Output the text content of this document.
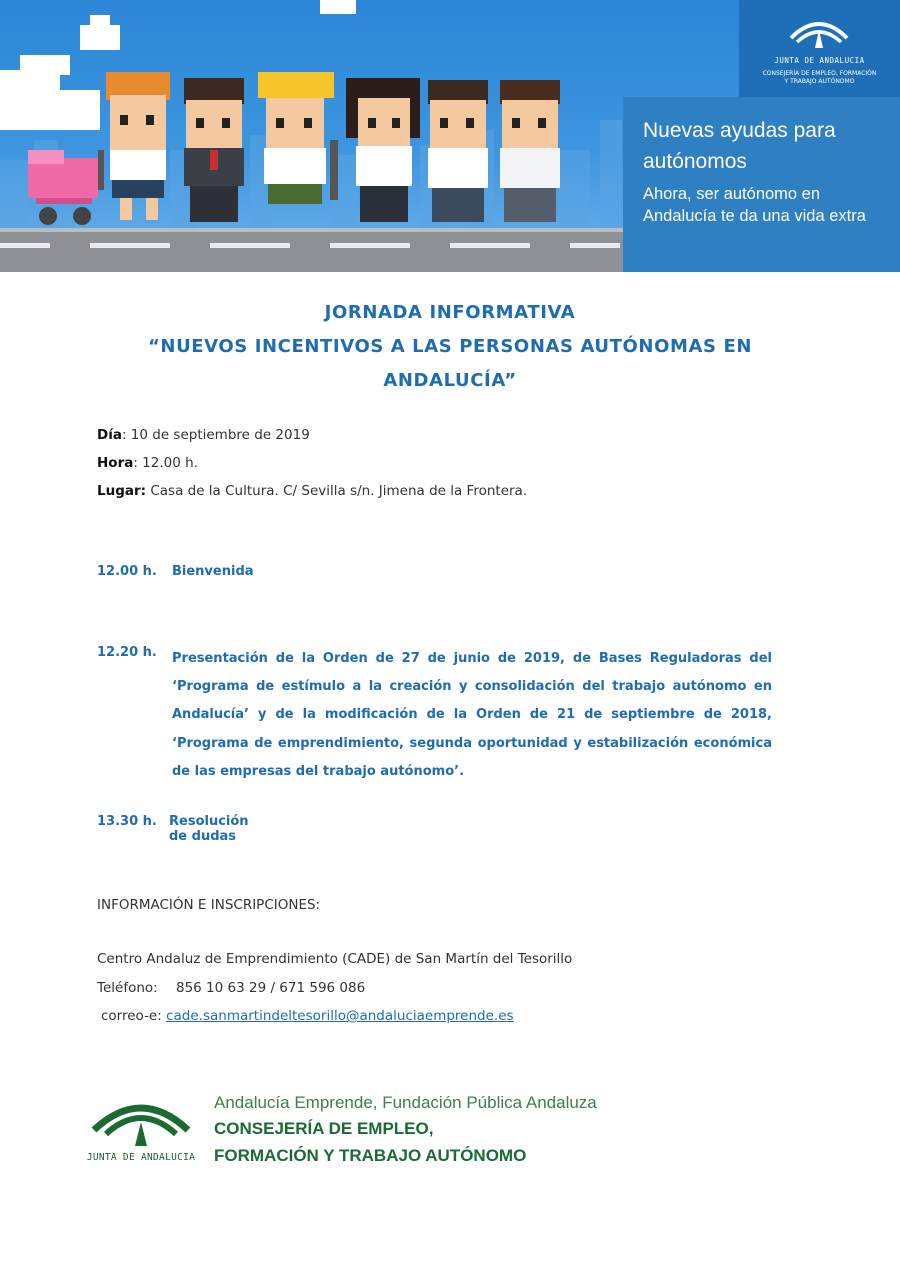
JUNTA DE ANDALUCIA
CONSEJERÍA DE EMPLEO, FORMACIÓN
Y TRABAJO AUTÓNOMO
Nuevas ayudas para autónomos
Ahora, ser autónomo en Andalucía te da una vida extra
JORNADA INFORMATIVA
“NUEVOS INCENTIVOS A LAS PERSONAS AUTÓNOMAS EN ANDALUCÍA”
Día: 10 de septiembre de 2019
Hora: 12.00 h.
Lugar: Casa de la Cultura. C/ Sevilla s/n. Jimena de la Frontera.
12.00 h. Bienvenida
12.20 h. Presentación de la Orden de 27 de junio de 2019, de Bases Reguladoras del ‘Programa de estímulo a la creación y consolidación del trabajo autónomo en Andalucía’ y de la modificación de la Orden de 21 de septiembre de 2018, ‘Programa de emprendimiento, segunda oportunidad y estabilización económica de las empresas del trabajo autónomo’.
13.30 h. Resolución de dudas
INFORMACIÓN E INSCRIPCIONES:
Centro Andaluz de Emprendimiento (CADE) de San Martín del Tesorillo
Teléfono: 856 10 63 29 / 671 596 086
correo-e: cade.sanmartindeltesorillo@andaluciaemprende.es
JUNTA DE ANDALUCIA
Andalucía Emprende, Fundación Pública Andaluza
CONSEJERÍA DE EMPLEO,
FORMACIÓN Y TRABAJO AUTÓNOMO
